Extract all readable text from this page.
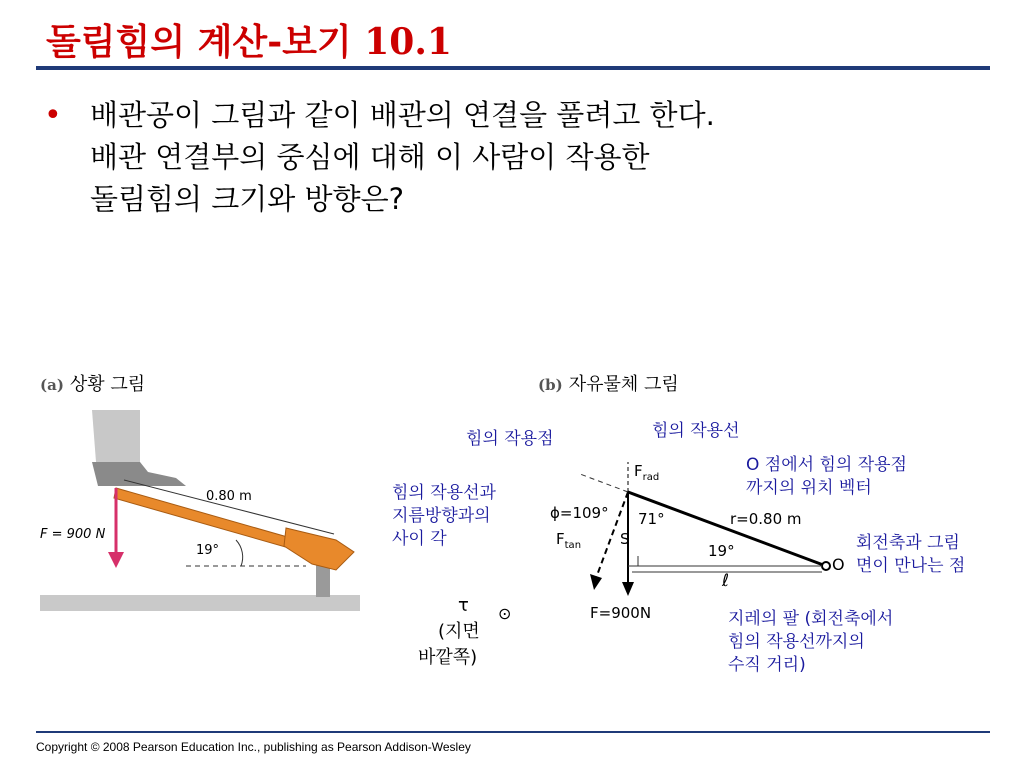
돌림힘의 계산-보기 10.1
• 배관공이 그림과 같이 배관의 연결을 풀려고 한다.
배관 연결부의 중심에 대해 이 사람이 작용한
돌림힘의 크기와 방향은?
(a) 상황 그림	(b) 자유물체 그림
0.80 m
19°
F = 900 N
O
$F_{rad}$
$F_{tan}$
ϕ=109° 71°
19°
r=0.80 m
S
ℓ
F=900N
τ ⊙
(지면
바깥쪽)
힘의 작용점	힘의 작용선
O 점에서 힘의 작용점
까지의 위치 벡터
힘의 작용선과
지름방향과의
사이 각	회전축과 그림
면이 만나는 점
지레의 팔 (회전축에서
힘의 작용선까지의
수직 거리)
Copyright © 2008 Pearson Education Inc., publishing as Pearson Addison-Wesley
